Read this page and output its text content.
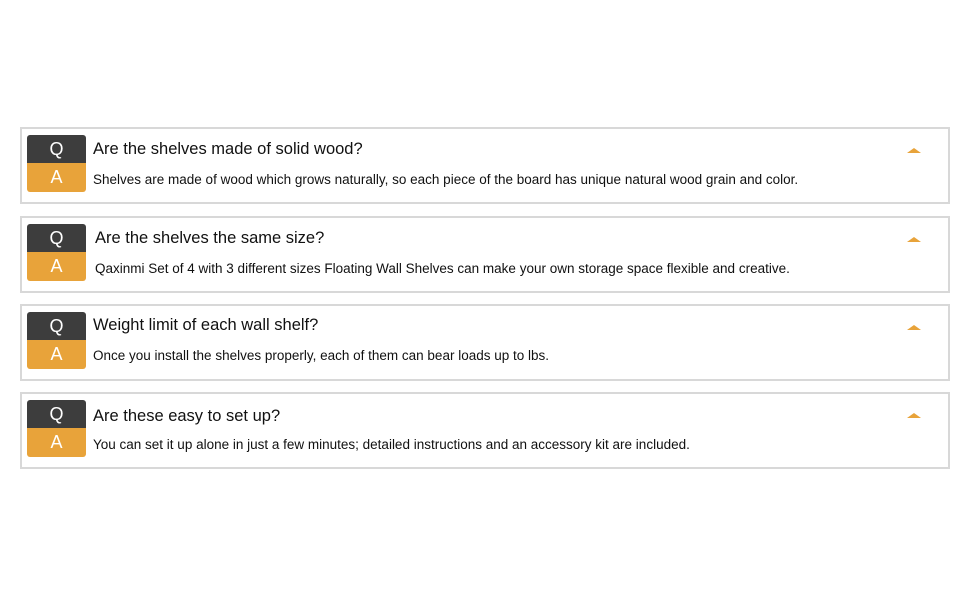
Q
A
Are the shelves made of solid wood?
Shelves are made of wood which grows naturally, so each piece of the board has unique natural wood grain and color.
Q
A
Are the shelves the same size?
Qaxinmi Set of 4 with 3 different sizes Floating Wall Shelves can make your own storage space flexible and creative.
Q
A
Weight limit of each wall shelf?
Once you install the shelves properly, each of them can bear loads up to lbs.
Q
A
Are these easy to set up?
You can set it up alone in just a few minutes; detailed instructions and an accessory kit are included.
